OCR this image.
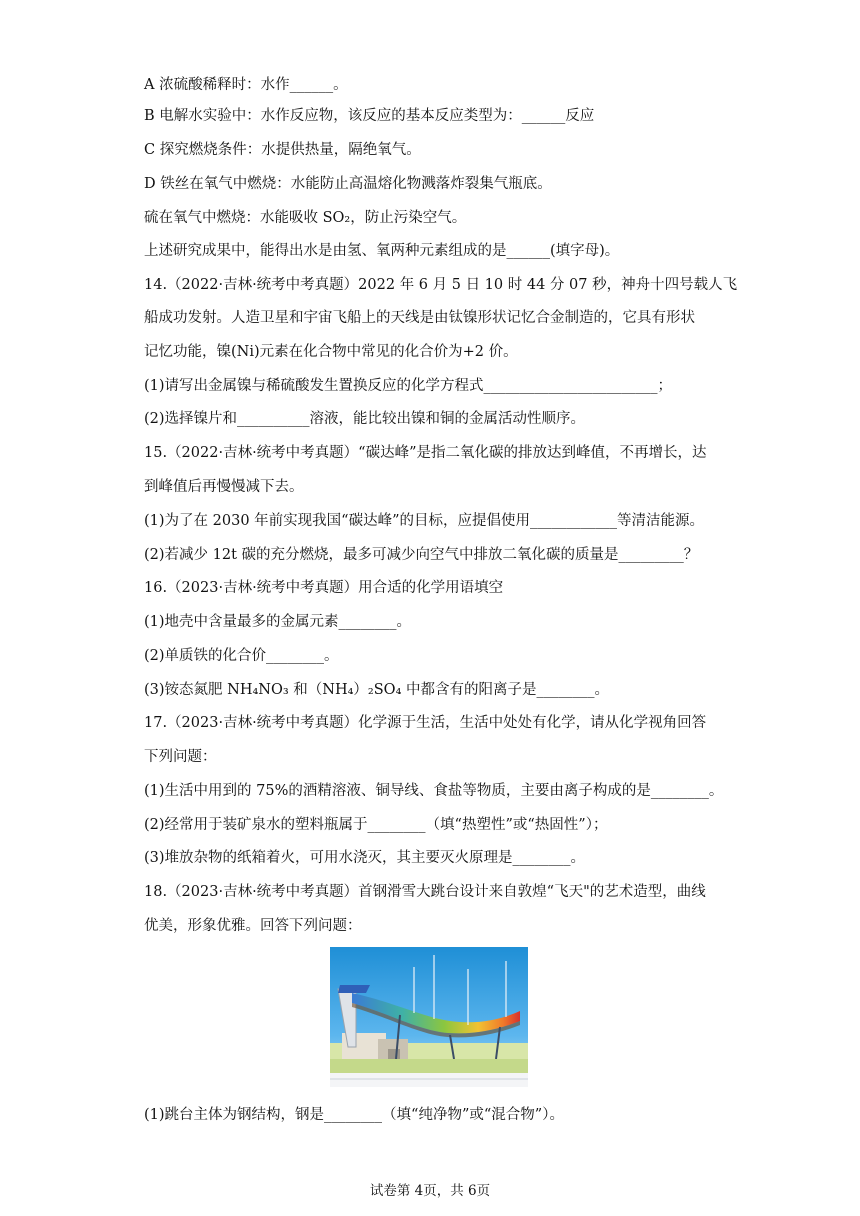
A 浓硫酸稀释时：水作______。
B 电解水实验中：水作反应物，该反应的基本反应类型为：______反应
C 探究燃烧条件：水提供热量，隔绝氧气。
D 铁丝在氧气中燃烧：水能防止高温熔化物溅落炸裂集气瓶底。
硫在氧气中燃烧：水能吸收 SO₂，防止污染空气。
上述研究成果中，能得出水是由氢、氧两种元素组成的是______(填字母)。
14.（2022·吉林·统考中考真题）2022 年 6 月 5 日 10 时 44 分 07 秒，神舟十四号载人飞
船成功发射。人造卫星和宇宙飞船上的天线是由钛镍形状记忆合金制造的，它具有形状
记忆功能，镍(Ni)元素在化合物中常见的化合价为+2 价。
(1)请写出金属镍与稀硫酸发生置换反应的化学方程式________________________；
(2)选择镍片和__________溶液，能比较出镍和铜的金属活动性顺序。
15.（2022·吉林·统考中考真题）“碳达峰”是指二氧化碳的排放达到峰值，不再增长，达
到峰值后再慢慢减下去。
(1)为了在 2030 年前实现我国“碳达峰”的目标，应提倡使用____________等清洁能源。
(2)若减少 12t 碳的充分燃烧，最多可减少向空气中排放二氧化碳的质量是_________？
16.（2023·吉林·统考中考真题）用合适的化学用语填空
(1)地壳中含量最多的金属元素________。
(2)单质铁的化合价________。
(3)铵态氮肥 NH₄NO₃ 和（NH₄）₂SO₄ 中都含有的阳离子是________。
17.（2023·吉林·统考中考真题）化学源于生活，生活中处处有化学，请从化学视角回答
下列问题：
(1)生活中用到的 75%的酒精溶液、铜导线、食盐等物质，主要由离子构成的是________。
(2)经常用于装矿泉水的塑料瓶属于________（填“热塑性”或“热固性”）；
(3)堆放杂物的纸箱着火，可用水浇灭，其主要灭火原理是________。
18.（2023·吉林·统考中考真题）首钢滑雪大跳台设计来自敦煌“飞天"的艺术造型，曲线
优美，形象优雅。回答下列问题：
(1)跳台主体为钢结构，钢是________（填“纯净物”或“混合物”）。
试卷第 4页，共 6页
